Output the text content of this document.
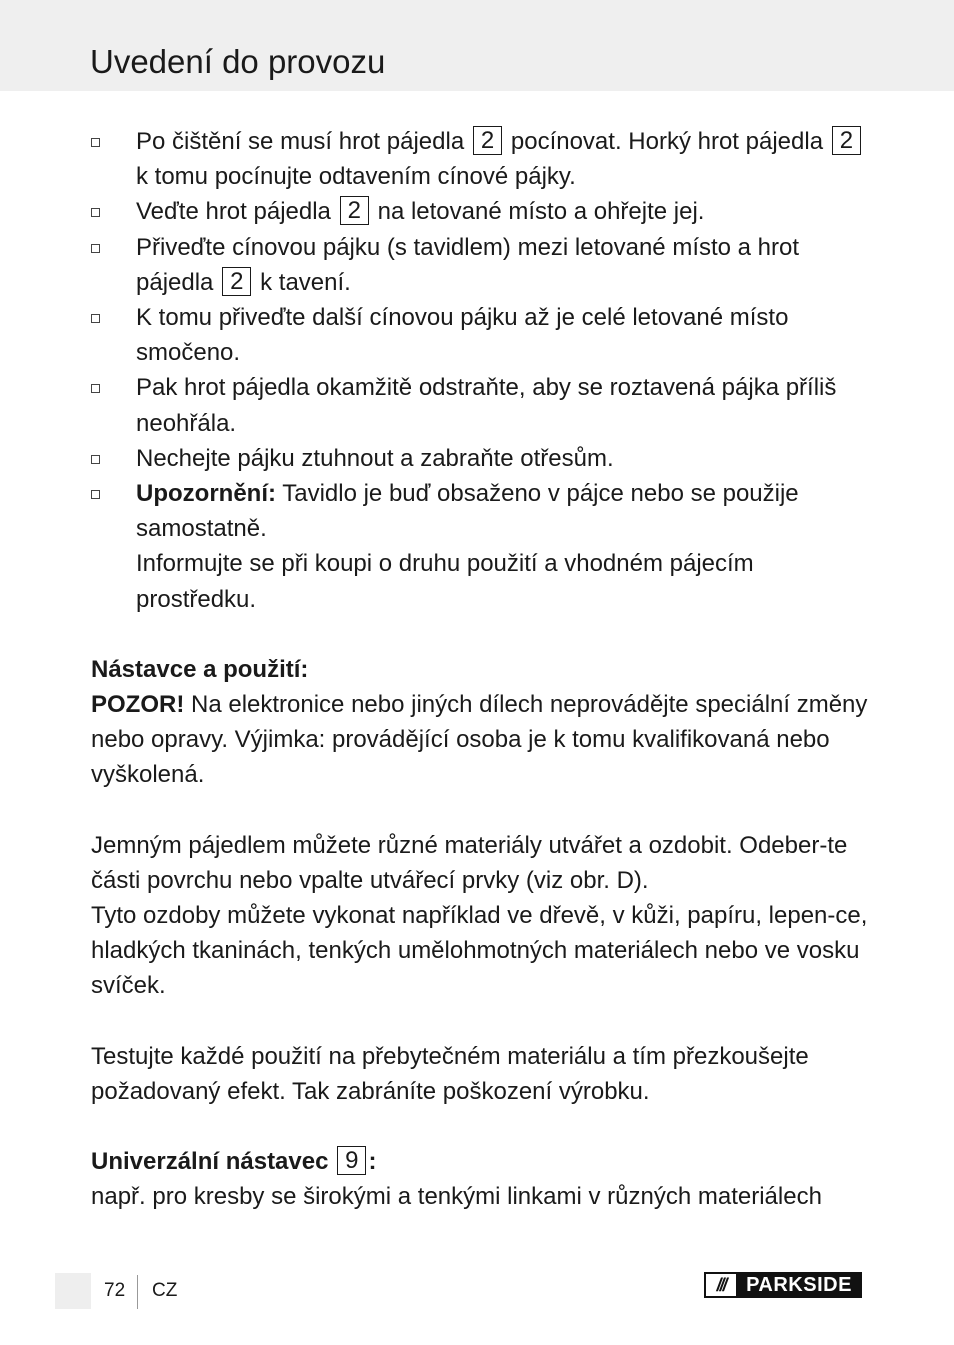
Uvedení do provozu
Po čištění se musí hrot pájedla 2 pocínovat. Horký hrot pájedla 2 k tomu pocínujte odtavením cínové pájky.
Veďte hrot pájedla 2 na letované místo a ohřejte jej.
Přiveďte cínovou pájku (s tavidlem) mezi letované místo a hrot pájedla 2 k tavení.
K tomu přiveďte další cínovou pájku až je celé letované místo smočeno.
Pak hrot pájedla okamžitě odstraňte, aby se roztavená pájka příliš neohřála.
Nechejte pájku ztuhnout a zabraňte otřesům.
Upozornění: Tavidlo je buď obsaženo v pájce nebo se použije samostatně.

Informujte se při koupi o druhu použití a vhodném pájecím prostředku.

Nástavce a použití:

POZOR! Na elektronice nebo jiných dílech neprovádějte speciální změny nebo opravy. Výjimka: provádějící osoba je k tomu kvalifikovaná nebo vyškolená.

Jemným pájedlem můžete různé materiály utvářet a ozdobit. Odeber-te části povrchu nebo vpalte utvářecí prvky (viz obr. D).

Tyto ozdoby můžete vykonat například ve dřevě, v kůži, papíru, lepen-ce, hladkých tkaninách, tenkých umělohmotných materiálech nebo ve vosku svíček.

Testujte každé použití na přebytečném materiálu a tím přezkoušejte požadovaný efekt. Tak zabráníte poškození výrobku.

Univerzální nástavec 9 :

např. pro kresby se širokými a tenkými linkami v různých materiálech

72 CZ	///	PARKSIDE
